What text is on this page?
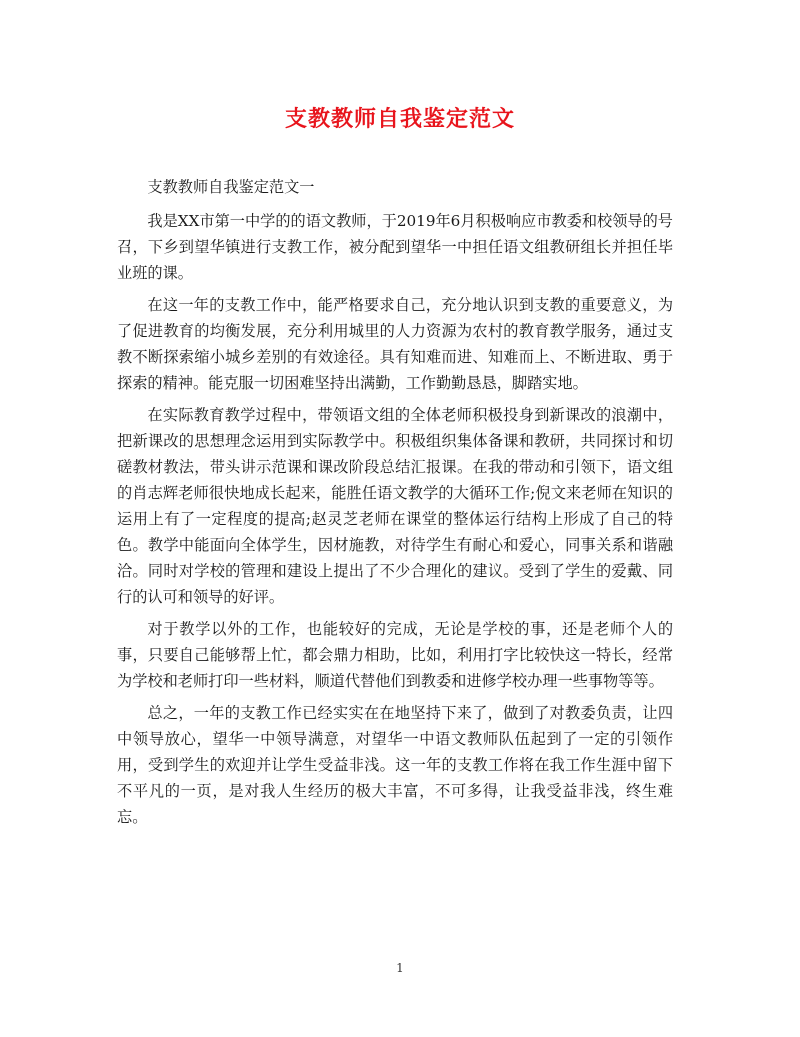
支教教师自我鉴定范文

支教教师自我鉴定范文一

我是XX市第一中学的的语文教师，于2019年6月积极响应市教委和校领导的号召，下乡到望华镇进行支教工作，被分配到望华一中担任语文组教研组长并担任毕业班的课。

在这一年的支教工作中，能严格要求自己，充分地认识到支教的重要意义，为了促进教育的均衡发展，充分利用城里的人力资源为农村的教育教学服务，通过支教不断探索缩小城乡差别的有效途径。具有知难而进、知难而上、不断进取、勇于探索的精神。能克服一切困难坚持出满勤，工作勤勤恳恳，脚踏实地。

在实际教育教学过程中，带领语文组的全体老师积极投身到新课改的浪潮中，把新课改的思想理念运用到实际教学中。积极组织集体备课和教研，共同探讨和切磋教材教法，带头讲示范课和课改阶段总结汇报课。在我的带动和引领下，语文组的肖志辉老师很快地成长起来，能胜任语文教学的大循环工作;倪文来老师在知识的运用上有了一定程度的提高;赵灵芝老师在课堂的整体运行结构上形成了自己的特色。教学中能面向全体学生，因材施教，对待学生有耐心和爱心，同事关系和谐融洽。同时对学校的管理和建设上提出了不少合理化的建议。受到了学生的爱戴、同行的认可和领导的好评。

对于教学以外的工作，也能较好的完成，无论是学校的事，还是老师个人的事，只要自己能够帮上忙，都会鼎力相助，比如，利用打字比较快这一特长，经常为学校和老师打印一些材料，顺道代替他们到教委和进修学校办理一些事物等等。

总之，一年的支教工作已经实实在在地坚持下来了，做到了对教委负责，让四中领导放心，望华一中领导满意，对望华一中语文教师队伍起到了一定的引领作用，受到学生的欢迎并让学生受益非浅。这一年的支教工作将在我工作生涯中留下不平凡的一页，是对我人生经历的极大丰富，不可多得，让我受益非浅，终生难忘。

1
